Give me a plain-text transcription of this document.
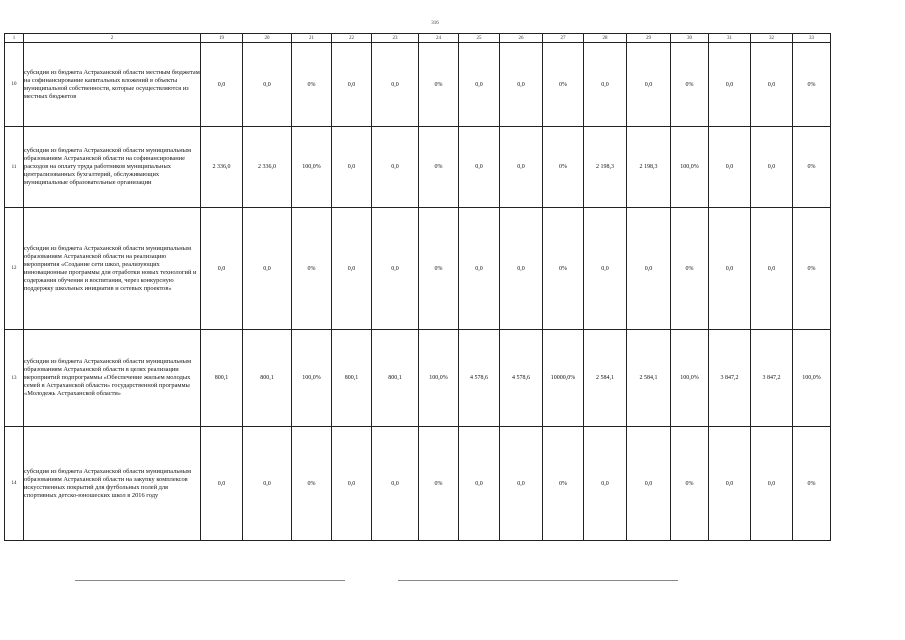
316
1	2	19	20	21	22	23	24	25	26	27	28	29	30	31	32	33
10	субсидия из бюджета Астраханской области местным бюджетам на софинансирование капитальных вложений в объекты муниципальной собственности, которые осуществляются из местных бюджетов	0,0	0,0	0%	0,0	0,0	0%	0,0	0,0	0%	0,0	0,0	0%	0,0	0,0	0%
11	субсидия из бюджета Астраханской области муниципальным образованиям Астраханской области на софинансирование расходов на оплату труда работников муниципальных централизованных бухгалтерий, обслуживающих муниципальные образовательные организации	2 336,0	2 336,0	100,0%	0,0	0,0	0%	0,0	0,0	0%	2 198,3	2 198,3	100,0%	0,0	0,0	0%
12	субсидия из бюджета Астраханской области муниципальным образованиям Астраханской области на реализацию мероприятия «Создание сети школ, реализующих инновационные программы для отработки новых технологий и содержания обучения и воспитания, через конкурсную поддержку школьных инициатив и сетевых проектов»	0,0	0,0	0%	0,0	0,0	0%	0,0	0,0	0%	0,0	0,0	0%	0,0	0,0	0%
13	субсидия из бюджета Астраханской области муниципальным образованиям Астраханской области в целях реализации мероприятий подпрограммы «Обеспечение жильем молодых семей в Астраханской области» государственной программы «Молодежь Астраханской области»	800,1	800,1	100,0%	800,1	800,1	100,0%	4 578,6	4 578,6	10000,0%	2 584,1	2 584,1	100,0%	3 847,2	3 847,2	100,0%
14	субсидия из бюджета Астраханской области муниципальным образованиям Астраханской области на закупку комплексов искусственных покрытий для футбольных полей для спортивных детско-юношеских школ в 2016 году	0,0	0,0	0%	0,0	0,0	0%	0,0	0,0	0%	0,0	0,0	0%	0,0	0,0	0%
